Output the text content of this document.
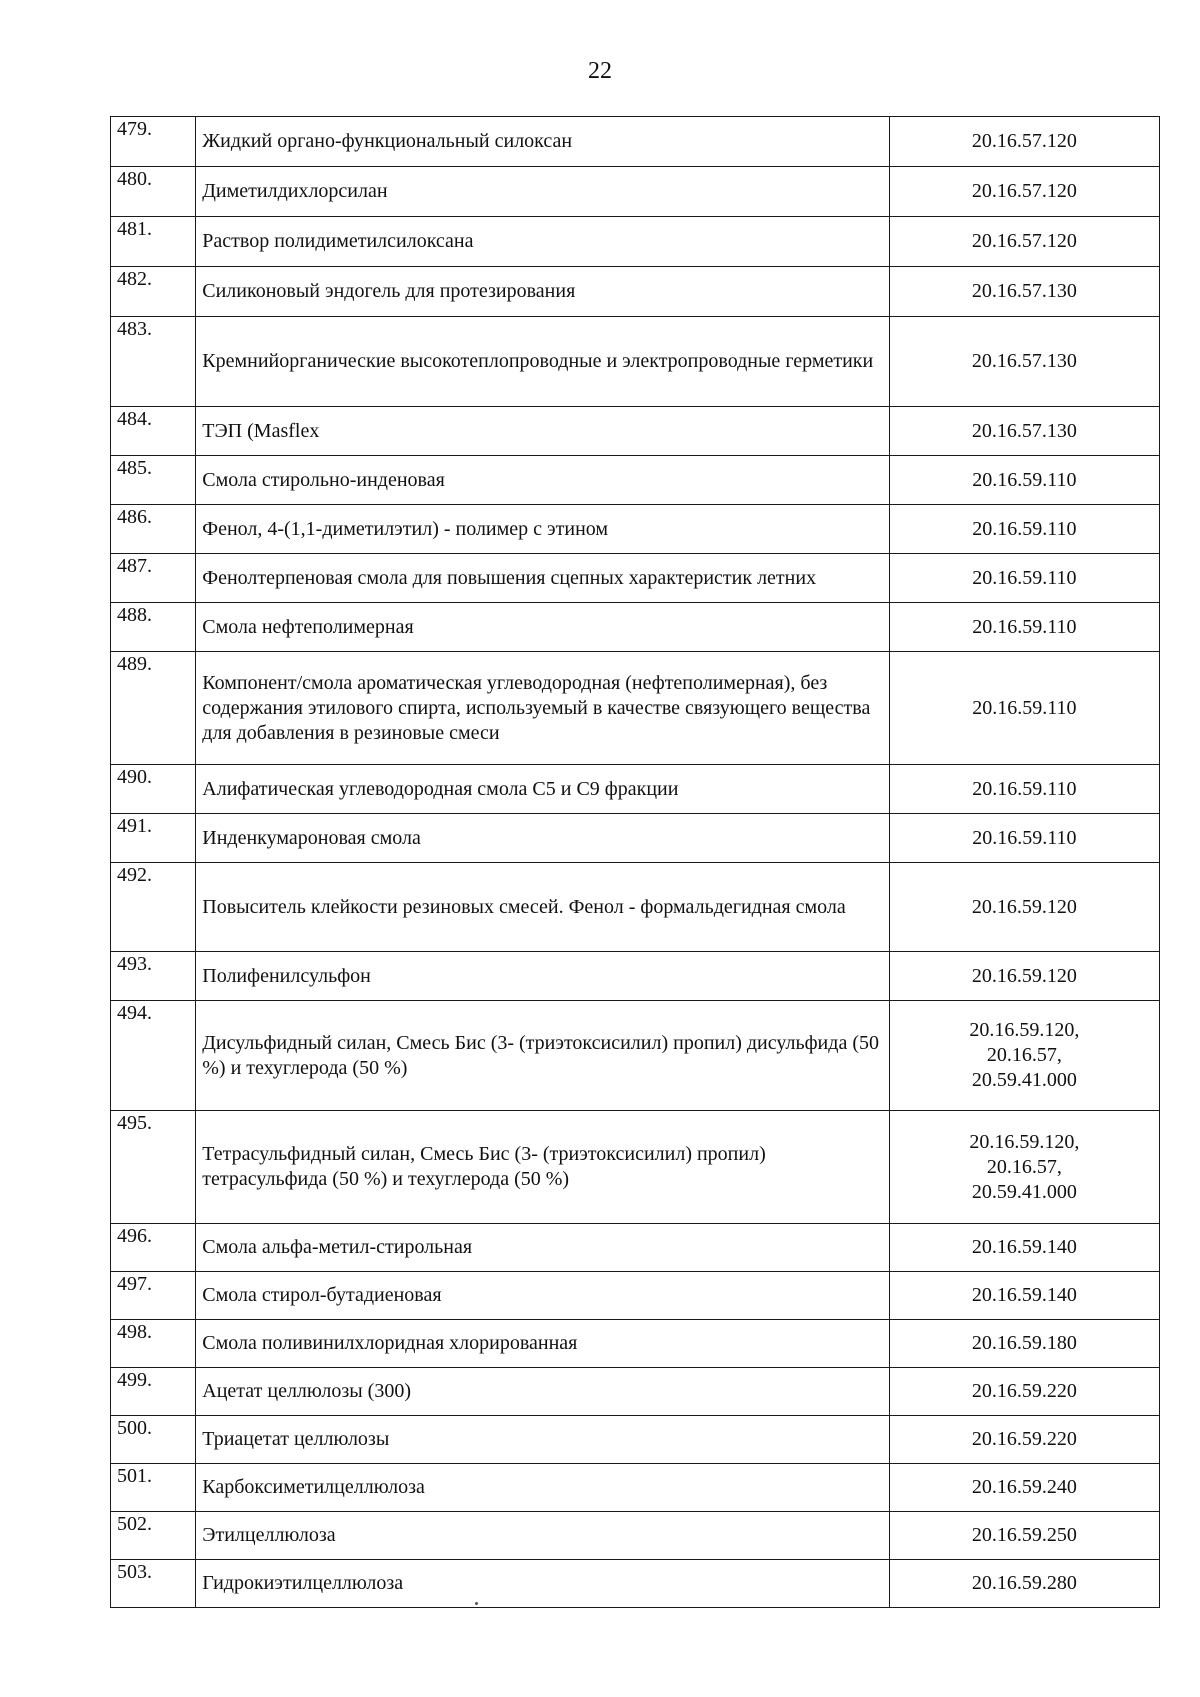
22
479.	Жидкий органо-функциональный силоксан	20.16.57.120
480.	Диметилдихлорсилан	20.16.57.120
481.	Раствор полидиметилсилоксана	20.16.57.120
482.	Силиконовый эндогель для протезирования	20.16.57.130
483.	Кремнийорганические высокотеплопроводные и электропроводные герметики	20.16.57.130
484.	ТЭП (Masflex	20.16.57.130
485.	Смола стирольно-инденовая	20.16.59.110
486.	Фенол, 4-(1,1-диметилэтил) - полимер с этином	20.16.59.110
487.	Фенолтерпеновая смола для повышения сцепных характеристик летних	20.16.59.110
488.	Смола нефтеполимерная	20.16.59.110
489.	Компонент/смола ароматическая углеводородная (нефтеполимерная), без содержания этилового спирта, используемый в качестве связующего вещества для добавления в резиновые смеси	20.16.59.110
490.	Алифатическая углеводородная смола C5 и C9 фракции	20.16.59.110
491.	Инденкумароновая смола	20.16.59.110
492.	Повыситель клейкости резиновых смесей. Фенол - формальдегидная смола	20.16.59.120
493.	Полифенилсульфон	20.16.59.120
494.	Дисульфидный силан, Смесь Бис (3- (триэтоксисилил) пропил) дисульфида (50 %) и техуглерода (50 %)	20.16.59.120,
20.16.57,
20.59.41.000
495.	Тетрасульфидный силан, Смесь Бис (3- (триэтоксисилил) пропил) тетрасульфида (50 %) и техуглерода (50 %)	20.16.59.120,
20.16.57,
20.59.41.000
496.	Смола альфа-метил-стирольная	20.16.59.140
497.	Смола стирол-бутадиеновая	20.16.59.140
498.	Смола поливинилхлоридная хлорированная	20.16.59.180
499.	Ацетат целлюлозы (300)	20.16.59.220
500.	Триацетат целлюлозы	20.16.59.220
501.	Карбоксиметилцеллюлоза	20.16.59.240
502.	Этилцеллюлоза	20.16.59.250
503.	Гидрокиэтилцеллюлоза	20.16.59.280
